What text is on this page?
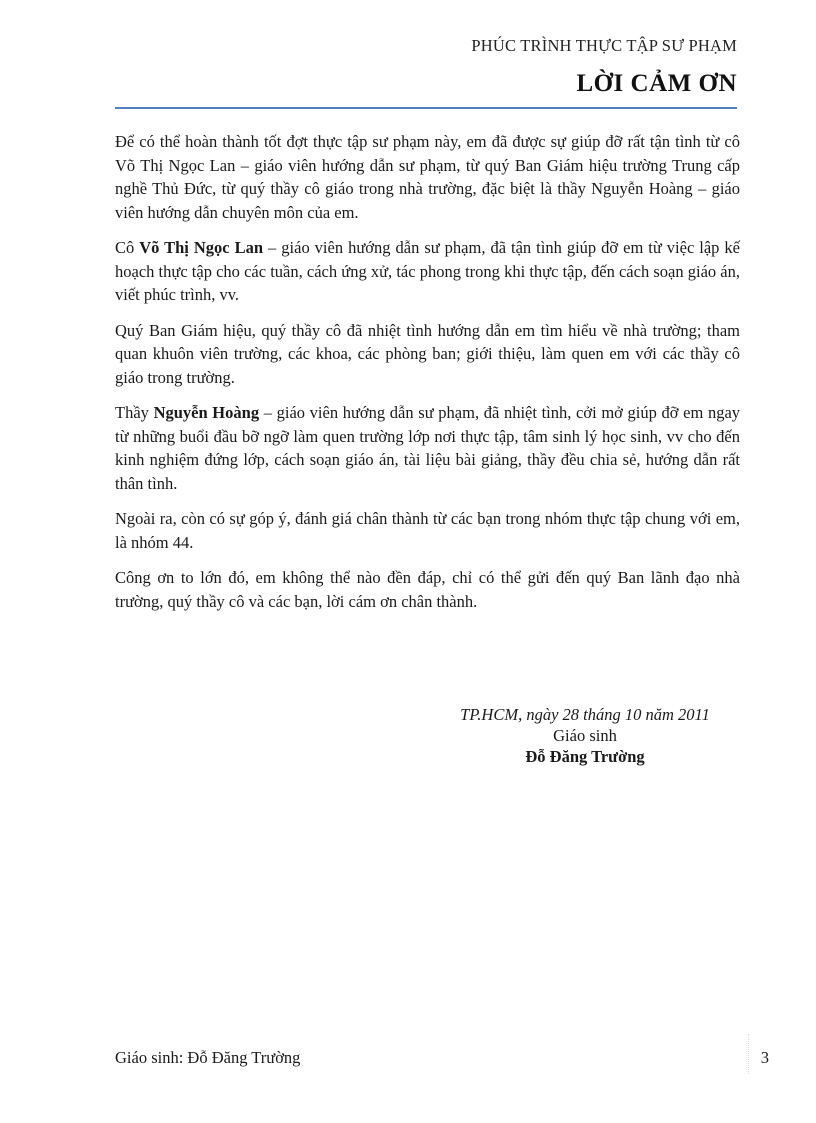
PHÚC TRÌNH THỰC TẬP SƯ PHẠM
LỜI CẢM ƠN

Để có thể hoàn thành tốt đợt thực tập sư phạm này, em đã được sự giúp đỡ rất tận tình từ cô Võ Thị Ngọc Lan – giáo viên hướng dẫn sư phạm, từ quý Ban Giám hiệu trường Trung cấp nghề Thủ Đức, từ quý thầy cô giáo trong nhà trường, đặc biệt là thầy Nguyễn Hoàng – giáo viên hướng dẫn chuyên môn của em.

Cô Võ Thị Ngọc Lan – giáo viên hướng dẫn sư phạm, đã tận tình giúp đỡ em từ việc lập kế hoạch thực tập cho các tuần, cách ứng xử, tác phong trong khi thực tập, đến cách soạn giáo án, viết phúc trình, vv.

Quý Ban Giám hiệu, quý thầy cô đã nhiệt tình hướng dẫn em tìm hiểu về nhà trường; tham quan khuôn viên trường, các khoa, các phòng ban; giới thiệu, làm quen em với các thầy cô giáo trong trường.

Thầy Nguyễn Hoàng – giáo viên hướng dẫn sư phạm, đã nhiệt tình, cởi mở giúp đỡ em ngay từ những buổi đầu bỡ ngỡ làm quen trường lớp nơi thực tập, tâm sinh lý học sinh, vv cho đến kinh nghiệm đứng lớp, cách soạn giáo án, tài liệu bài giảng, thầy đều chia sẻ, hướng dẫn rất thân tình.

Ngoài ra, còn có sự góp ý, đánh giá chân thành từ các bạn trong nhóm thực tập chung với em, là nhóm 44.

Công ơn to lớn đó, em không thể nào đền đáp, chỉ có thể gửi đến quý Ban lãnh đạo nhà trường, quý thầy cô và các bạn, lời cám ơn chân thành.

TP.HCM, ngày 28 tháng 10 năm 2011
Giáo sinh
Đỗ Đăng Trường
Giáo sinh: Đỗ Đăng Trường	3
